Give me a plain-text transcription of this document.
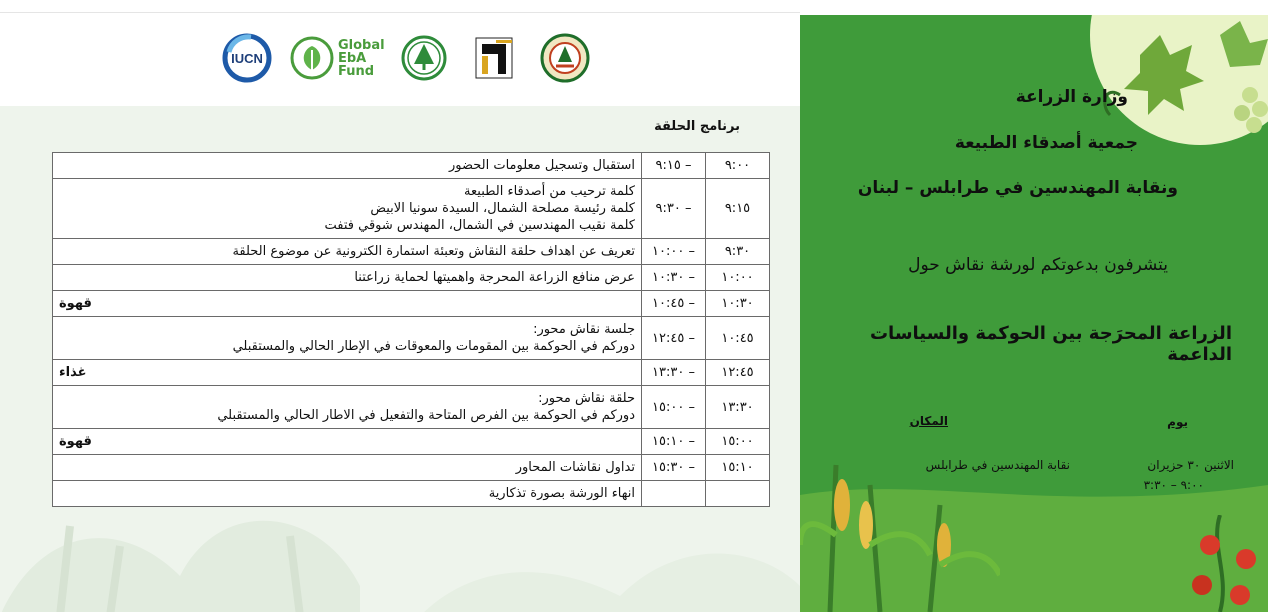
IUCN
Global
EbA
Fund
برنامج الحلقة
٩:٠٠	٩:١٥ –	استقبال وتسجيل معلومات الحضور

٩:١٥	٩:٣٠ –	كلمة ترحيب من أصدقاء الطبيعة
كلمة رئيسة مصلحة الشمال، السيدة سونيا الابيض
كلمة نقيب المهندسين في الشمال، المهندس شوقي فتفت

٩:٣٠	١٠:٠٠ –	تعريف عن اهداف حلقة النقاش وتعبئة استمارة الكترونية عن موضوع الحلقة

١٠:٠٠	١٠:٣٠ –	عرض منافع الزراعة المحرجة واهميتها لحماية زراعتنا

١٠:٣٠	١٠:٤٥ –	قهوة

١٠:٤٥	١٢:٤٥ –	جلسة نقاش محور:
دوركم في الحوكمة بين المقومات والمعوقات في الإطار الحالي والمستقبلي

١٢:٤٥	١٣:٣٠ –	غذاء

١٣:٣٠	١٥:٠٠ –	حلقة نقاش محور:
دوركم في الحوكمة بين الفرص المتاحة والتفعيل في الاطار الحالي والمستقبلي

١٥:٠٠	١٥:١٠ –	قهوة

١٥:١٠	١٥:٣٠ –	تداول نقاشات المحاور

		انهاء الورشة بصورة تذكارية
وزارة الزراعة
جمعية أصدقاء الطبيعة
ونقابة المهندسين في طرابلس – لبنان
يتشرفون بدعوتكم لورشة نقاش حول
الزراعة المحرَجة بين الحوكمة والسياسات الداعمة
المكان	يوم
نقابة المهندسين في طرابلس	الاثنين ٣٠ حزيران
٩:٠٠ – ٣:٣٠
